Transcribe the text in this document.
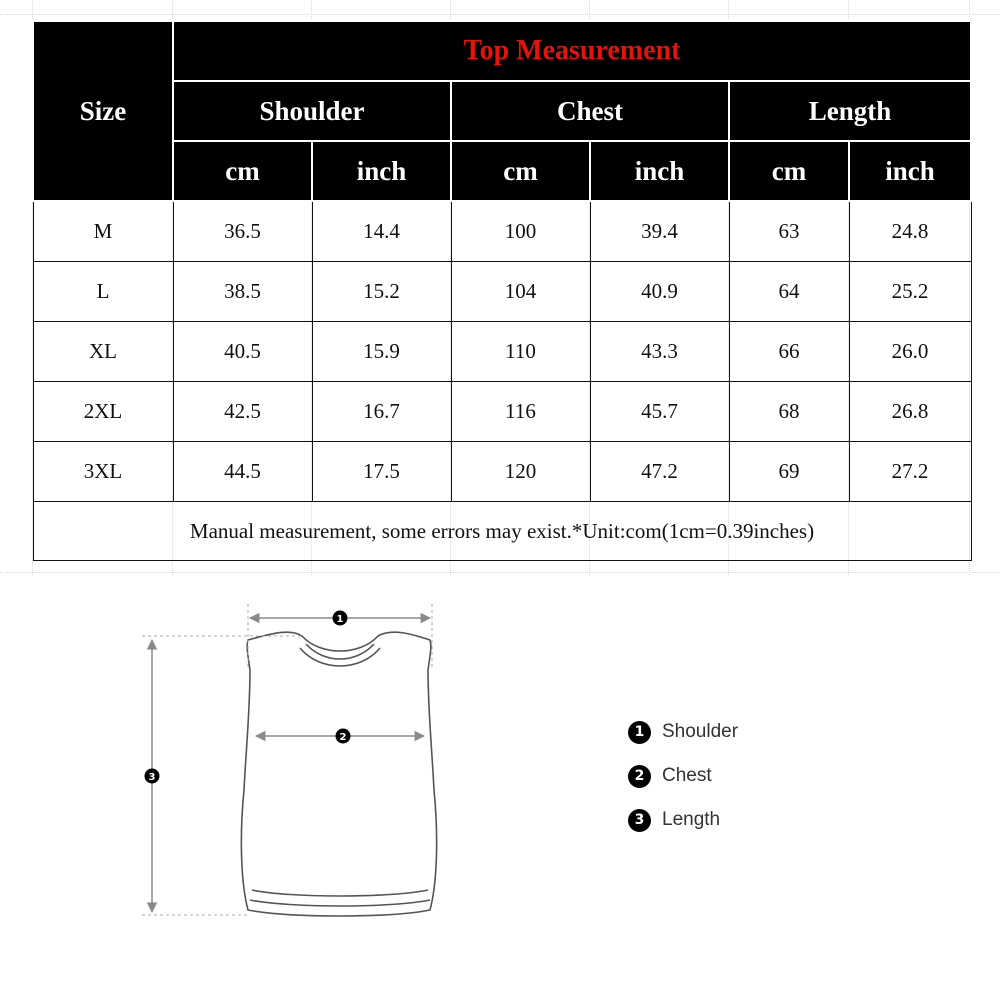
Size	Top Measurement					
	Shoulder		Chest		Length	
	cm	inch	cm	inch	cm	inch
M	36.5	14.4	100	39.4	63	24.8
L	38.5	15.2	104	40.9	64	25.2
XL	40.5	15.9	110	43.3	66	26.0
2XL	42.5	16.7	116	45.7	68	26.8
3XL	44.5	17.5	120	47.2	69	27.2
Manual measurement, some errors may exist.*Unit:com(1cm=0.39inches)						
1
2
3
1 Shoulder
2 Chest
3 Length
